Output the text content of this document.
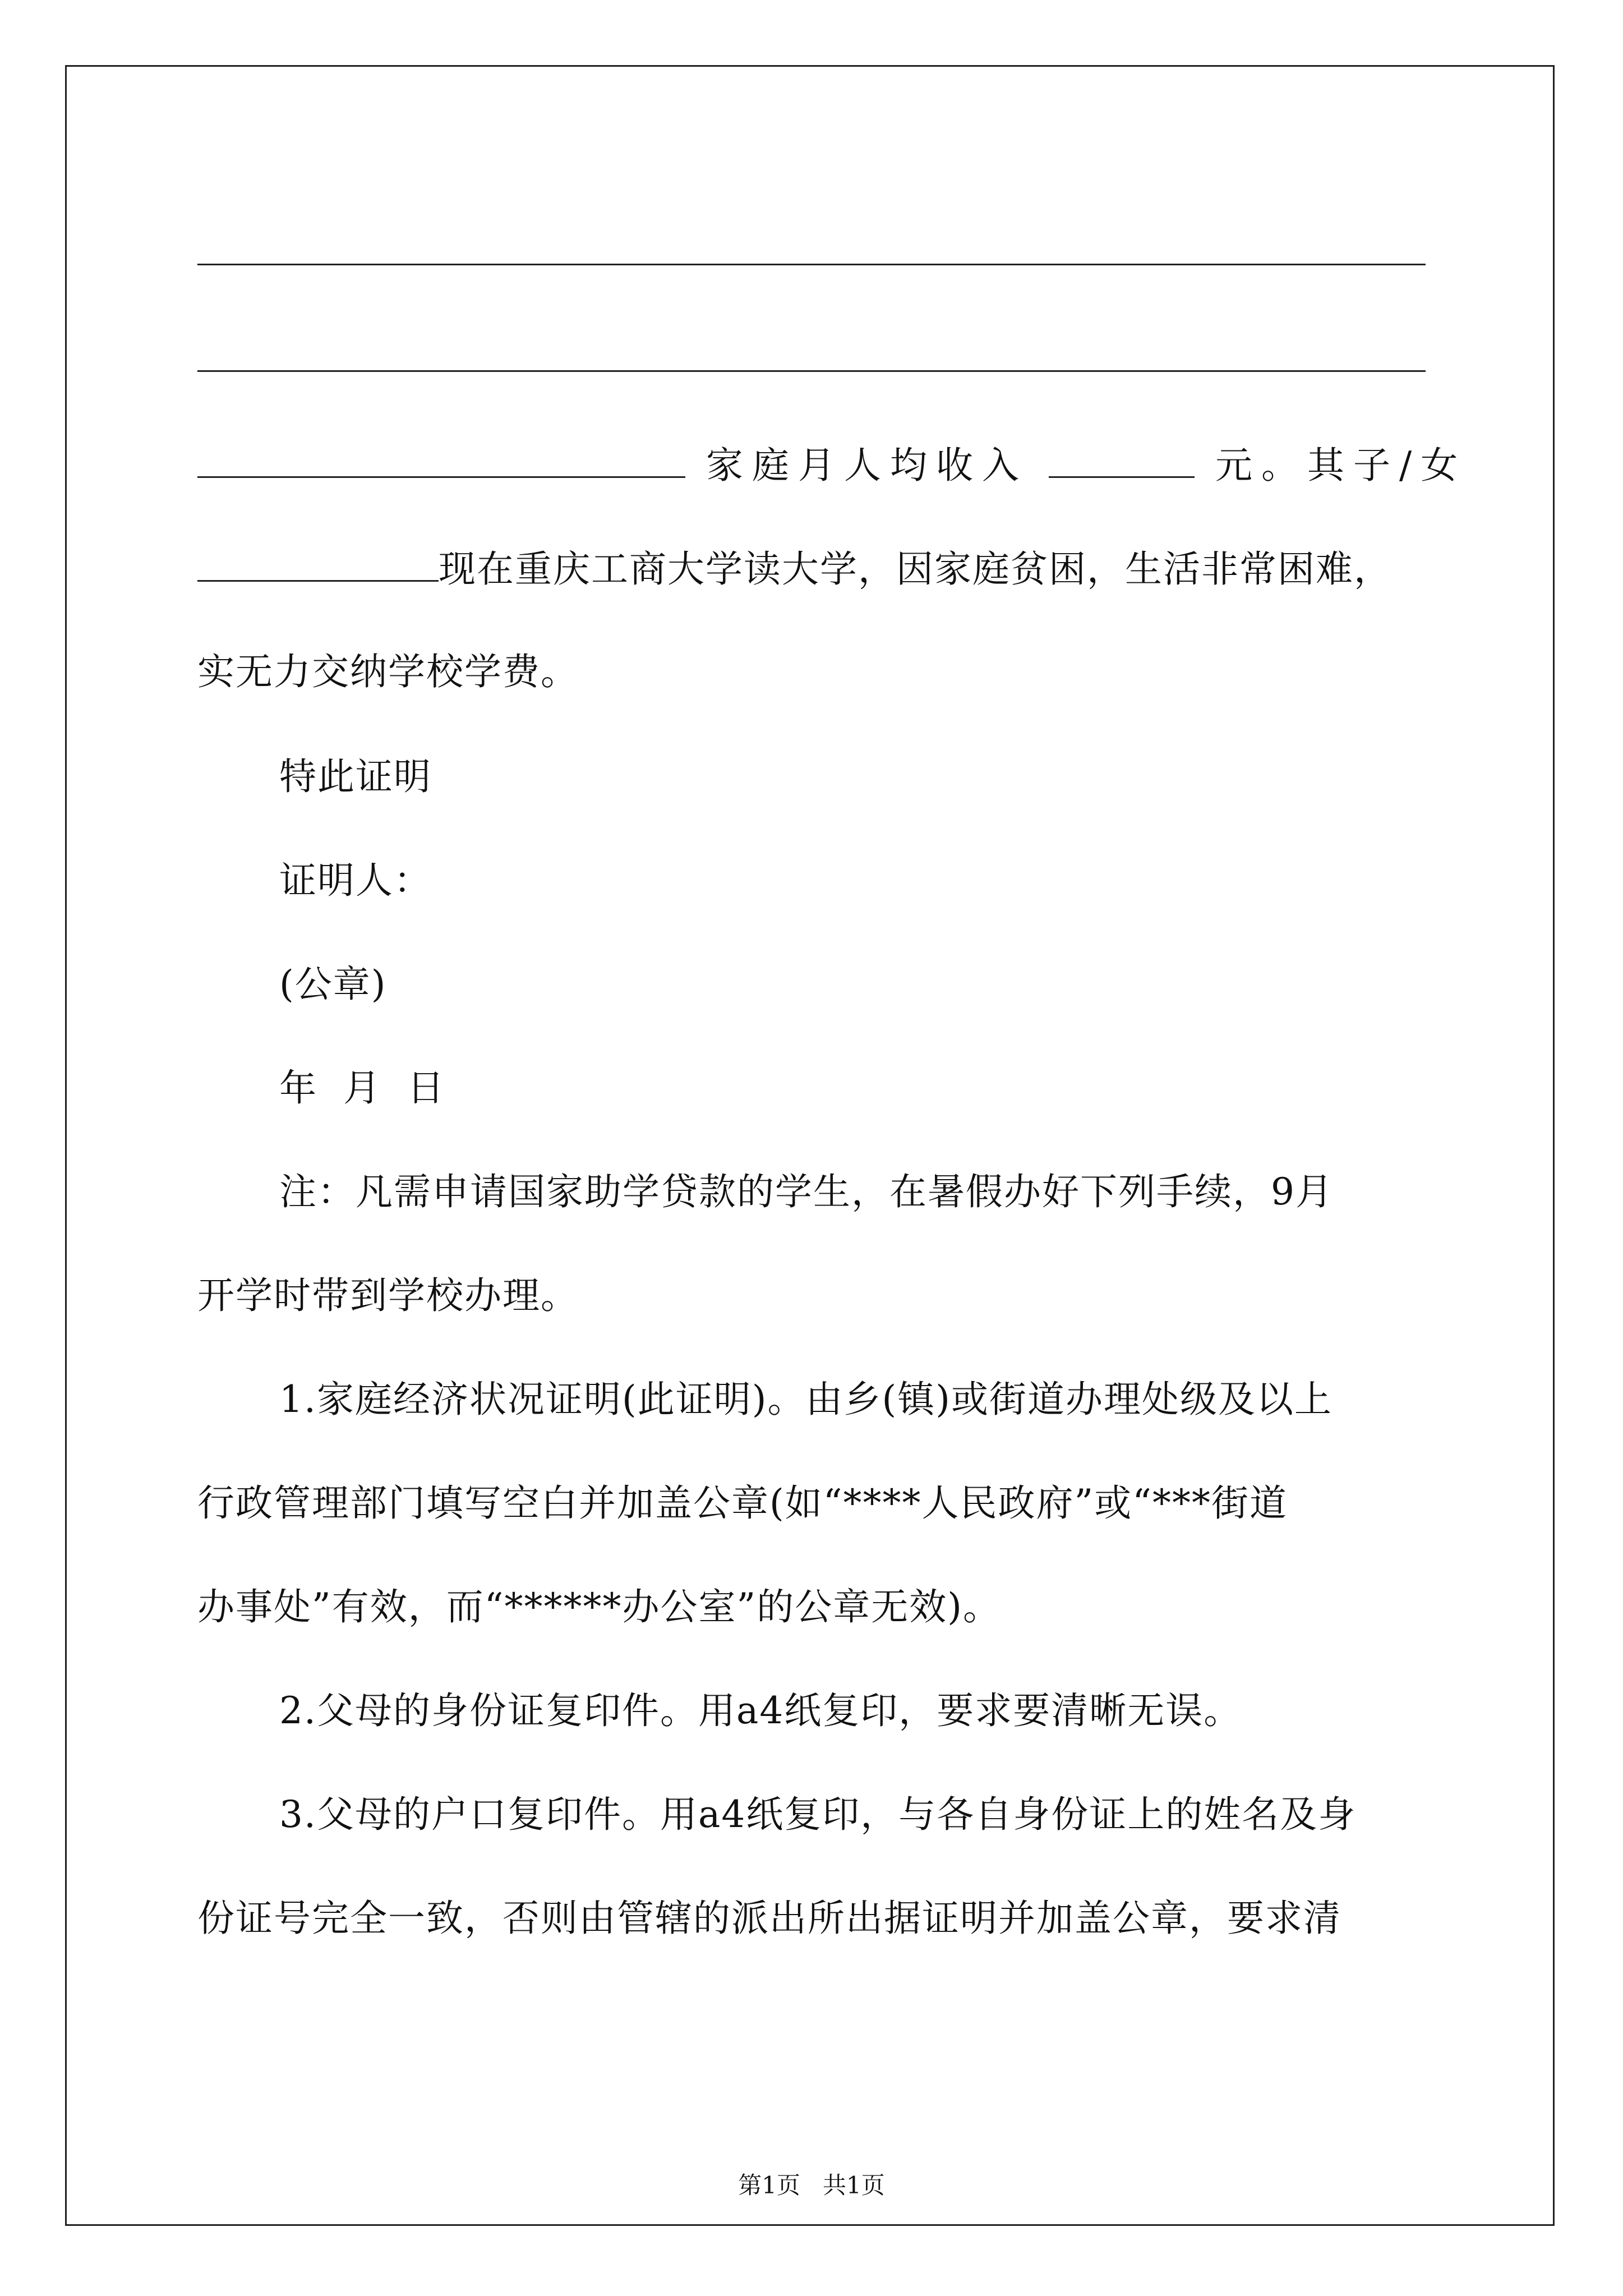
家庭月人均收入	元。其子/女
现在重庆工商大学读大学，因家庭贫困，生活非常困难，
实无力交纳学校学费。
特此证明
证明人：
(公章)
年  月  日
注：凡需申请国家助学贷款的学生，在暑假办好下列手续，9月
开学时带到学校办理。
1.家庭经济状况证明(此证明)。由乡(镇)或街道办理处级及以上
行政管理部门填写空白并加盖公章(如“****人民政府”或“***街道
办事处”有效，而“******办公室”的公章无效)。
2.父母的身份证复印件。用a4纸复印，要求要清晰无误。
3.父母的户口复印件。用a4纸复印，与各自身份证上的姓名及身
份证号完全一致，否则由管辖的派出所出据证明并加盖公章，要求清
第1页   共1页
